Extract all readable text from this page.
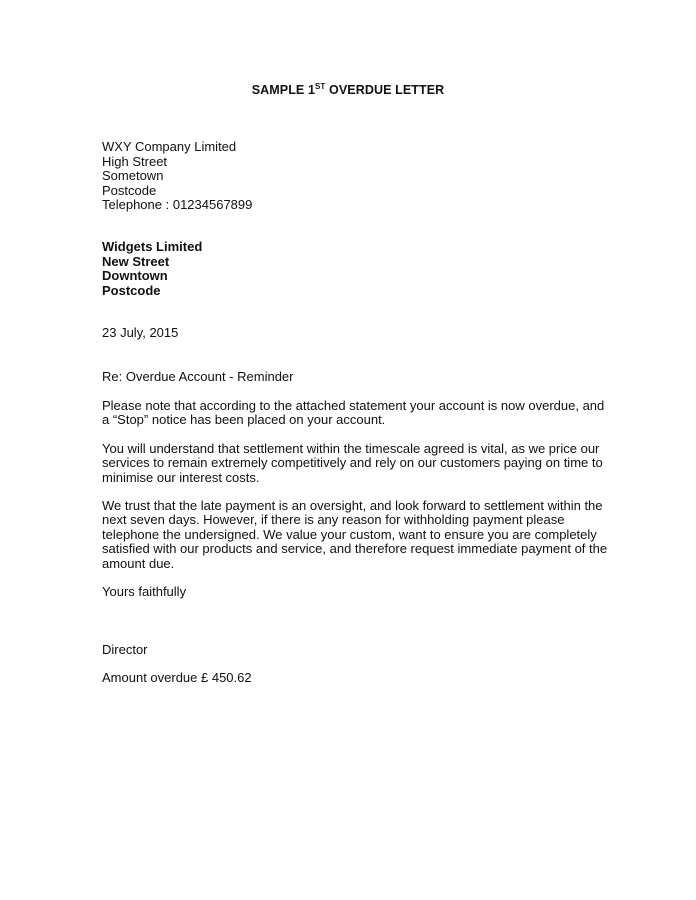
SAMPLE 1ST OVERDUE LETTER
WXY Company Limited
High Street
Sometown
Postcode
Telephone : 01234567899
Widgets Limited
New Street
Downtown
Postcode
23 July, 2015
Re: Overdue Account - Reminder
Please note that according to the attached statement your account is now overdue, and
a “Stop” notice has been placed on your account.
You will understand that settlement within the timescale agreed is vital, as we price our
services to remain extremely competitively and rely on our customers paying on time to
minimise our interest costs.
We trust that the late payment is an oversight, and look forward to settlement within the
next seven days. However, if there is any reason for withholding payment please
telephone the undersigned. We value your custom, want to ensure you are completely
satisfied with our products and service, and therefore request immediate payment of the
amount due.
Yours faithfully
Director
Amount overdue £ 450.62
